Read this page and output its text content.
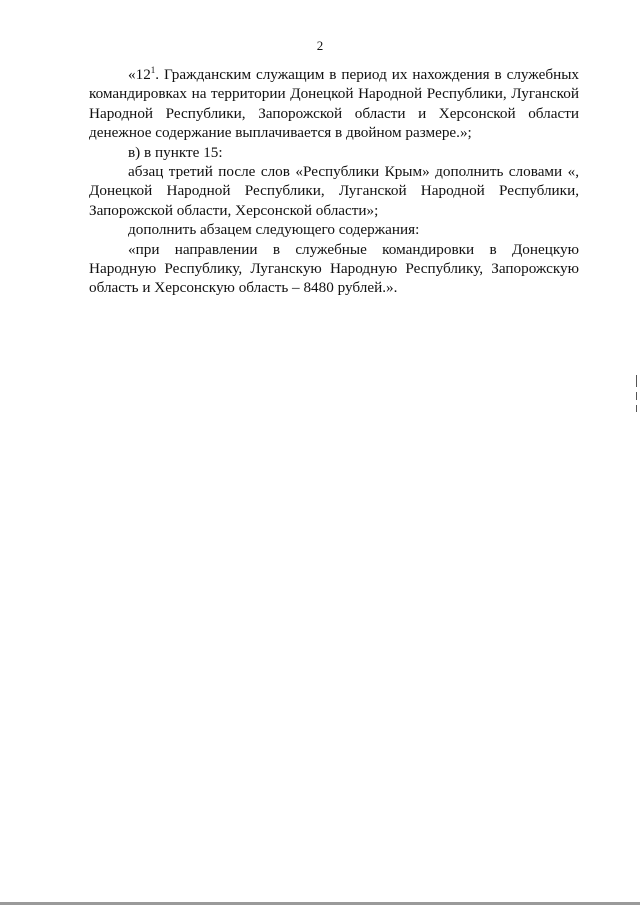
2

«$12^1$. Гражданским служащим в период их нахождения в служебных командировках на территории Донецкой Народной Республики, Луганской Народной Республики, Запорожской области и Херсонской области денежное содержание выплачивается в двойном размере.»;

в) в пункте 15:

абзац третий после слов «Республики Крым» дополнить словами «, Донецкой Народной Республики, Луганской Народной Республики, Запорожской области, Херсонской области»;

дополнить абзацем следующего содержания:

«при направлении в служебные командировки в Донецкую Народную Республику, Луганскую Народную Республику, Запорожскую область и Херсонскую область – 8480 рублей.».
